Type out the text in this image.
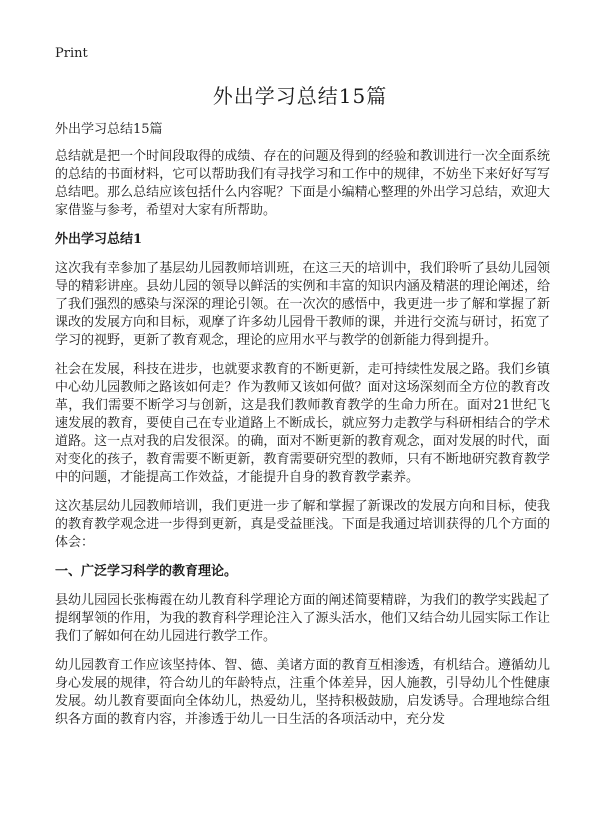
Print
外出学习总结15篇

外出学习总结15篇

总结就是把一个时间段取得的成绩、存在的问题及得到的经验和教训进行一次全面系统的总结的书面材料，它可以帮助我们有寻找学习和工作中的规律，不妨坐下来好好写写总结吧。那么总结应该包括什么内容呢？下面是小编精心整理的外出学习总结，欢迎大家借鉴与参考，希望对大家有所帮助。

外出学习总结1

这次我有幸参加了基层幼儿园教师培训班，在这三天的培训中，我们聆听了县幼儿园领导的精彩讲座。县幼儿园的领导以鲜活的实例和丰富的知识内涵及精湛的理论阐述，给了我们强烈的感染与深深的理论引领。在一次次的感悟中，我更进一步了解和掌握了新课改的发展方向和目标，观摩了许多幼儿园骨干教师的课，并进行交流与研讨，拓宽了学习的视野，更新了教育观念，理论的应用水平与教学的创新能力得到提升。

社会在发展，科技在进步，也就要求教育的不断更新，走可持续性发展之路。我们乡镇中心幼儿园教师之路该如何走？作为教师又该如何做？面对这场深刻而全方位的教育改革，我们需要不断学习与创新，这是我们教师教育教学的生命力所在。面对21世纪飞速发展的教育，要使自己在专业道路上不断成长，就应努力走教学与科研相结合的学术道路。这一点对我的启发很深。的确，面对不断更新的教育观念，面对发展的时代，面对变化的孩子，教育需要不断更新，教育需要研究型的教师，只有不断地研究教育教学中的问题，才能提高工作效益，才能提升自身的教育教学素养。

这次基层幼儿园教师培训，我们更进一步了解和掌握了新课改的发展方向和目标，使我的教育教学观念进一步得到更新，真是受益匪浅。下面是我通过培训获得的几个方面的体会：

一、广泛学习科学的教育理论。

县幼儿园园长张梅霞在幼儿教育科学理论方面的阐述简要精辟，为我们的教学实践起了提纲挈领的作用，为我的教育科学理论注入了源头活水，他们又结合幼儿园实际工作让我们了解如何在幼儿园进行教学工作。

幼儿园教育工作应该坚持体、智、德、美诸方面的教育互相渗透，有机结合。遵循幼儿身心发展的规律，符合幼儿的年龄特点，注重个体差异，因人施教，引导幼儿个性健康发展。幼儿教育要面向全体幼儿，热爱幼儿，坚持积极鼓励，启发诱导。合理地综合组织各方面的教育内容，并渗透于幼儿一日生活的各项活动中，充分发
